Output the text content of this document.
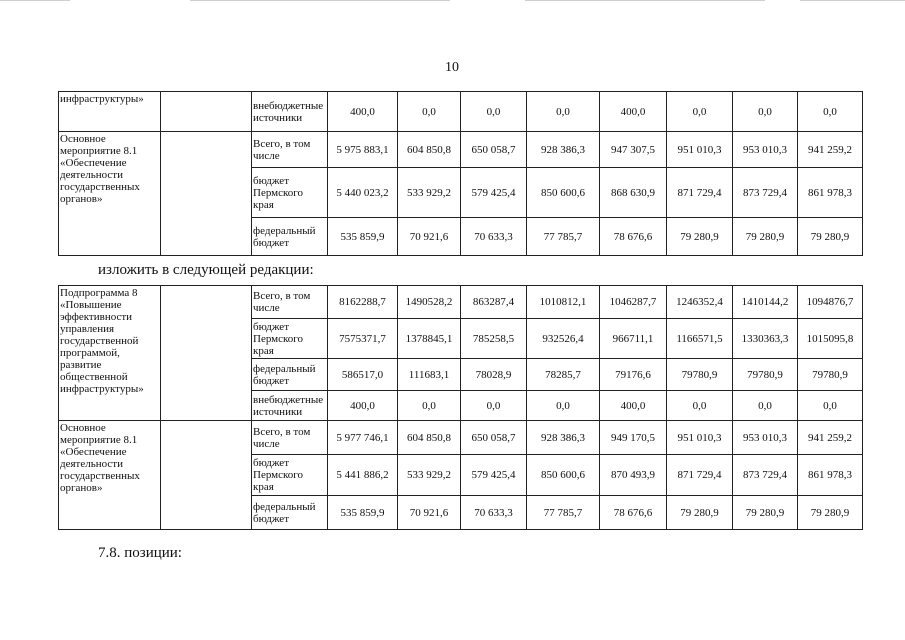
10
инфраструктуры»		внебюджетные источники	400,0	0,0	0,0	0,0	400,0	0,0	0,0	0,0
Основное мероприятие 8.1 «Обеспечение деятельности государственных органов»		Всего, в том числе	5 975 883,1	604 850,8	650 058,7	928 386,3	947 307,5	951 010,3	953 010,3	941 259,2
		бюджет Пермского края	5 440 023,2	533 929,2	579 425,4	850 600,6	868 630,9	871 729,4	873 729,4	861 978,3
		федеральный бюджет	535 859,9	70 921,6	70 633,3	77 785,7	78 676,6	79 280,9	79 280,9	79 280,9
изложить в следующей редакции:
Подпрограмма 8 «Повышение эффективности управления государственной программой, развитие общественной инфраструктуры»		Всего, в том числе	8162288,7	1490528,2	863287,4	1010812,1	1046287,7	1246352,4	1410144,2	1094876,7
		бюджет Пермского края	7575371,7	1378845,1	785258,5	932526,4	966711,1	1166571,5	1330363,3	1015095,8
		федеральный бюджет	586517,0	111683,1	78028,9	78285,7	79176,6	79780,9	79780,9	79780,9
		внебюджетные источники	400,0	0,0	0,0	0,0	400,0	0,0	0,0	0,0
Основное мероприятие 8.1 «Обеспечение деятельности государственных органов»		Всего, в том числе	5 977 746,1	604 850,8	650 058,7	928 386,3	949 170,5	951 010,3	953 010,3	941 259,2
		бюджет Пермского края	5 441 886,2	533 929,2	579 425,4	850 600,6	870 493,9	871 729,4	873 729,4	861 978,3
		федеральный бюджет	535 859,9	70 921,6	70 633,3	77 785,7	78 676,6	79 280,9	79 280,9	79 280,9
7.8. позиции:
